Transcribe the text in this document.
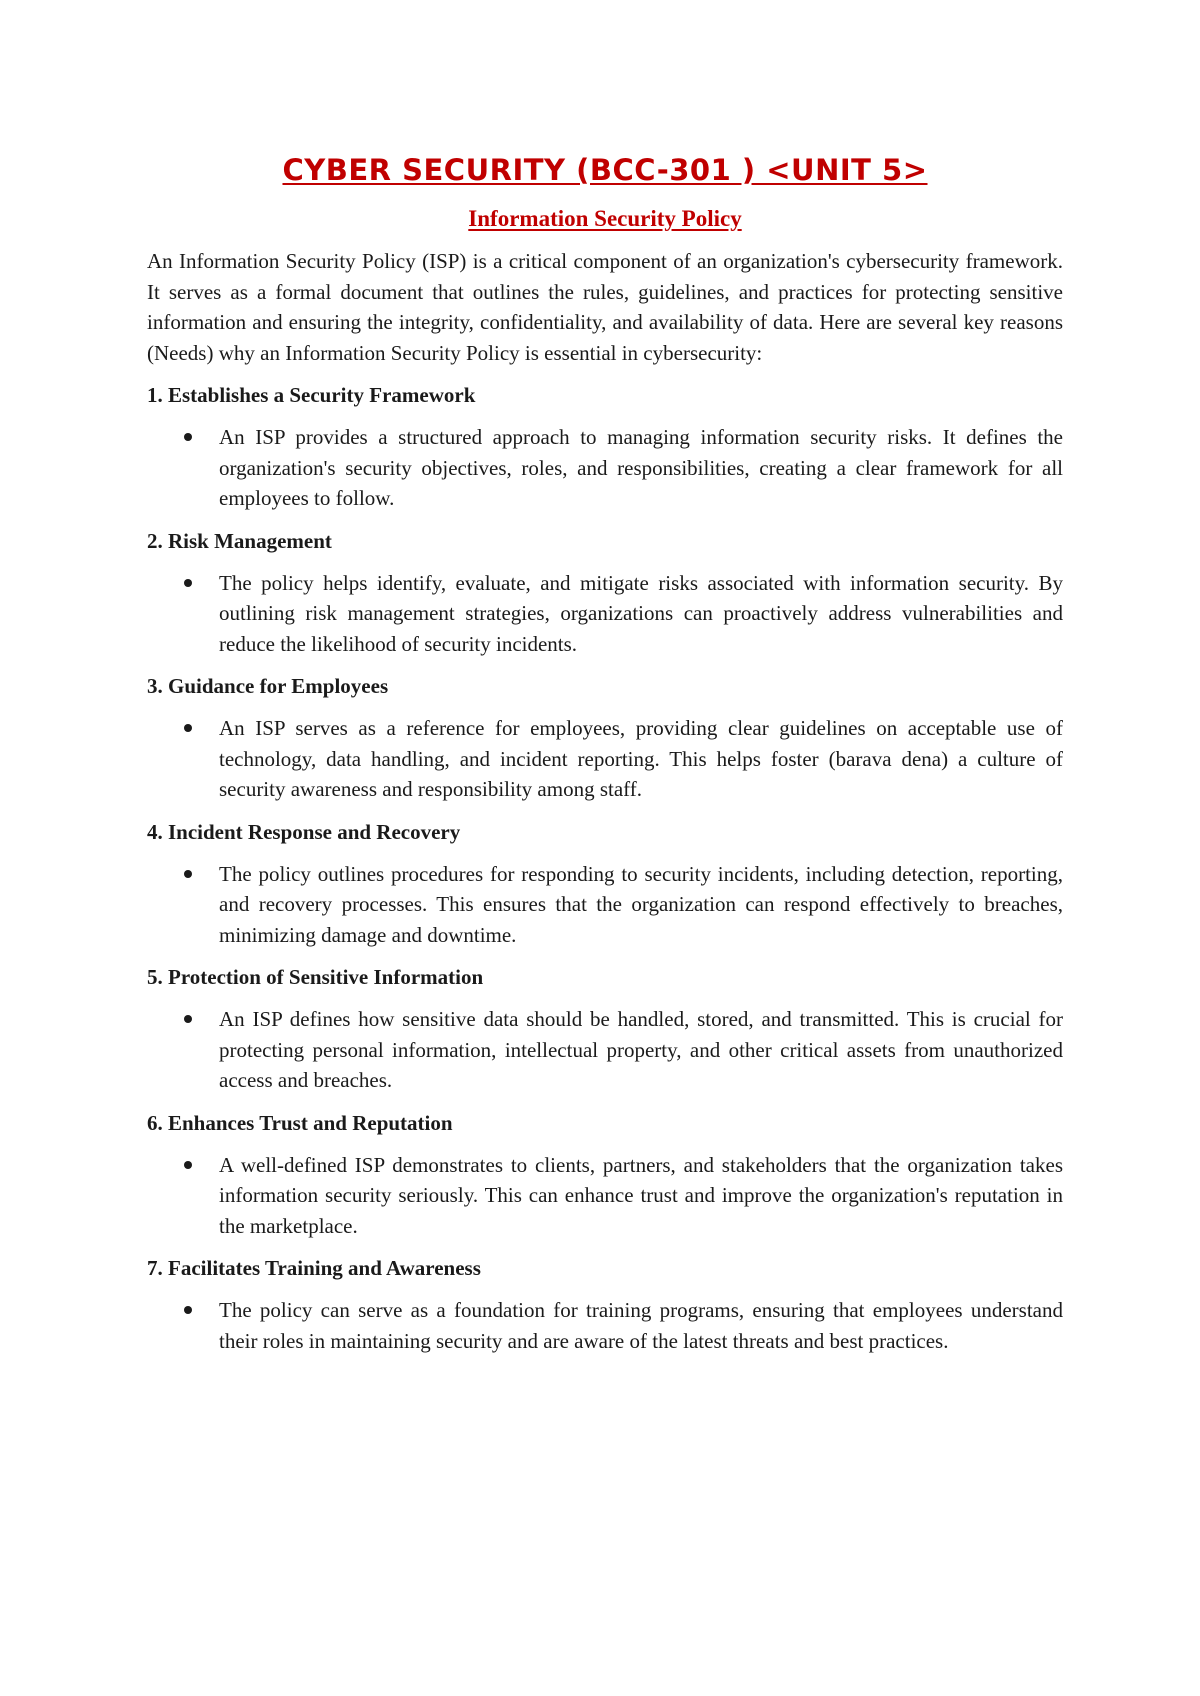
CYBER SECURITY (BCC-301 ) <UNIT 5>
Information Security Policy

An Information Security Policy (ISP) is a critical component of an organization's cybersecurity framework. It serves as a formal document that outlines the rules, guidelines, and practices for protecting sensitive information and ensuring the integrity, confidentiality, and availability of data. Here are several key reasons (Needs) why an Information Security Policy is essential in cybersecurity:

1. Establishes a Security Framework

An ISP provides a structured approach to managing information security risks. It defines the organization's security objectives, roles, and responsibilities, creating a clear framework for all employees to follow.

2. Risk Management

The policy helps identify, evaluate, and mitigate risks associated with information security. By outlining risk management strategies, organizations can proactively address vulnerabilities and reduce the likelihood of security incidents.

3. Guidance for Employees

An ISP serves as a reference for employees, providing clear guidelines on acceptable use of technology, data handling, and incident reporting. This helps foster (barava dena) a culture of security awareness and responsibility among staff.

4. Incident Response and Recovery

The policy outlines procedures for responding to security incidents, including detection, reporting, and recovery processes. This ensures that the organization can respond effectively to breaches, minimizing damage and downtime.

5. Protection of Sensitive Information

An ISP defines how sensitive data should be handled, stored, and transmitted. This is crucial for protecting personal information, intellectual property, and other critical assets from unauthorized access and breaches.

6. Enhances Trust and Reputation

A well-defined ISP demonstrates to clients, partners, and stakeholders that the organization takes information security seriously. This can enhance trust and improve the organization's reputation in the marketplace.

7. Facilitates Training and Awareness

The policy can serve as a foundation for training programs, ensuring that employees understand their roles in maintaining security and are aware of the latest threats and best practices.
